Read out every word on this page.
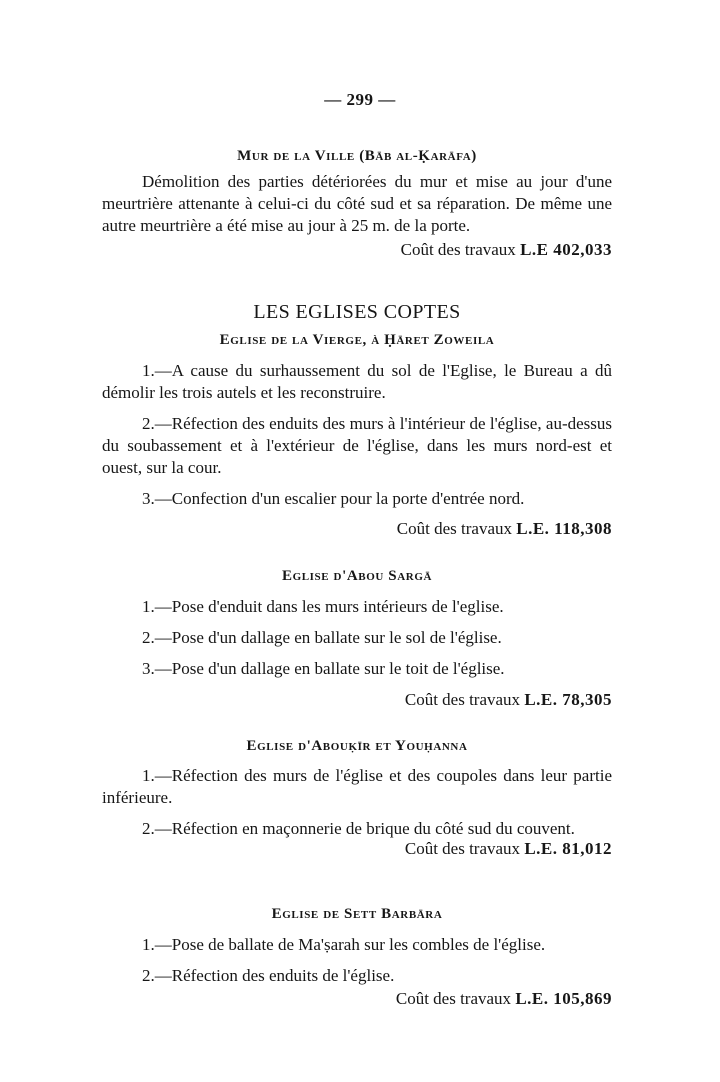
— 299 —
Mur de la Ville (Bāb al-Ḳarāfa)
Démolition des parties détériorées du mur et mise au jour d'une meurtrière attenante à celui-ci du côté sud et sa réparation. De même une autre meurtrière a été mise au jour à 25 m. de la porte.
Coût des travaux L.E 402,033
LES EGLISES COPTES
Eglise de la Vierge, à Ḥāret Zoweila
1.—A cause du surhaussement du sol de l'Eglise, le Bureau a dû démolir les trois autels et les reconstruire.
2.—Réfection des enduits des murs à l'intérieur de l'église, au-dessus du soubassement et à l'extérieur de l'église, dans les murs nord-est et ouest, sur la cour.
3.—Confection d'un escalier pour la porte d'entrée nord.
Coût des travaux L.E. 118,308
Eglise d'Abou Sargā
1.—Pose d'enduit dans les murs intérieurs de l'eglise.
2.—Pose d'un dallage en ballate sur le sol de l'église.
3.—Pose d'un dallage en ballate sur le toit de l'église.
Coût des travaux L.E. 78,305
Eglise d'Abouḳīr et Youḥanna
1.—Réfection des murs de l'église et des coupoles dans leur partie inférieure.
2.—Réfection en maçonnerie de brique du côté sud du couvent.
Coût des travaux L.E. 81,012
Eglise de Sett Barbāra
1.—Pose de ballate de Ma'ṣarah sur les combles de l'église.
2.—Réfection des enduits de l'église.
Coût des travaux L.E. 105,869
